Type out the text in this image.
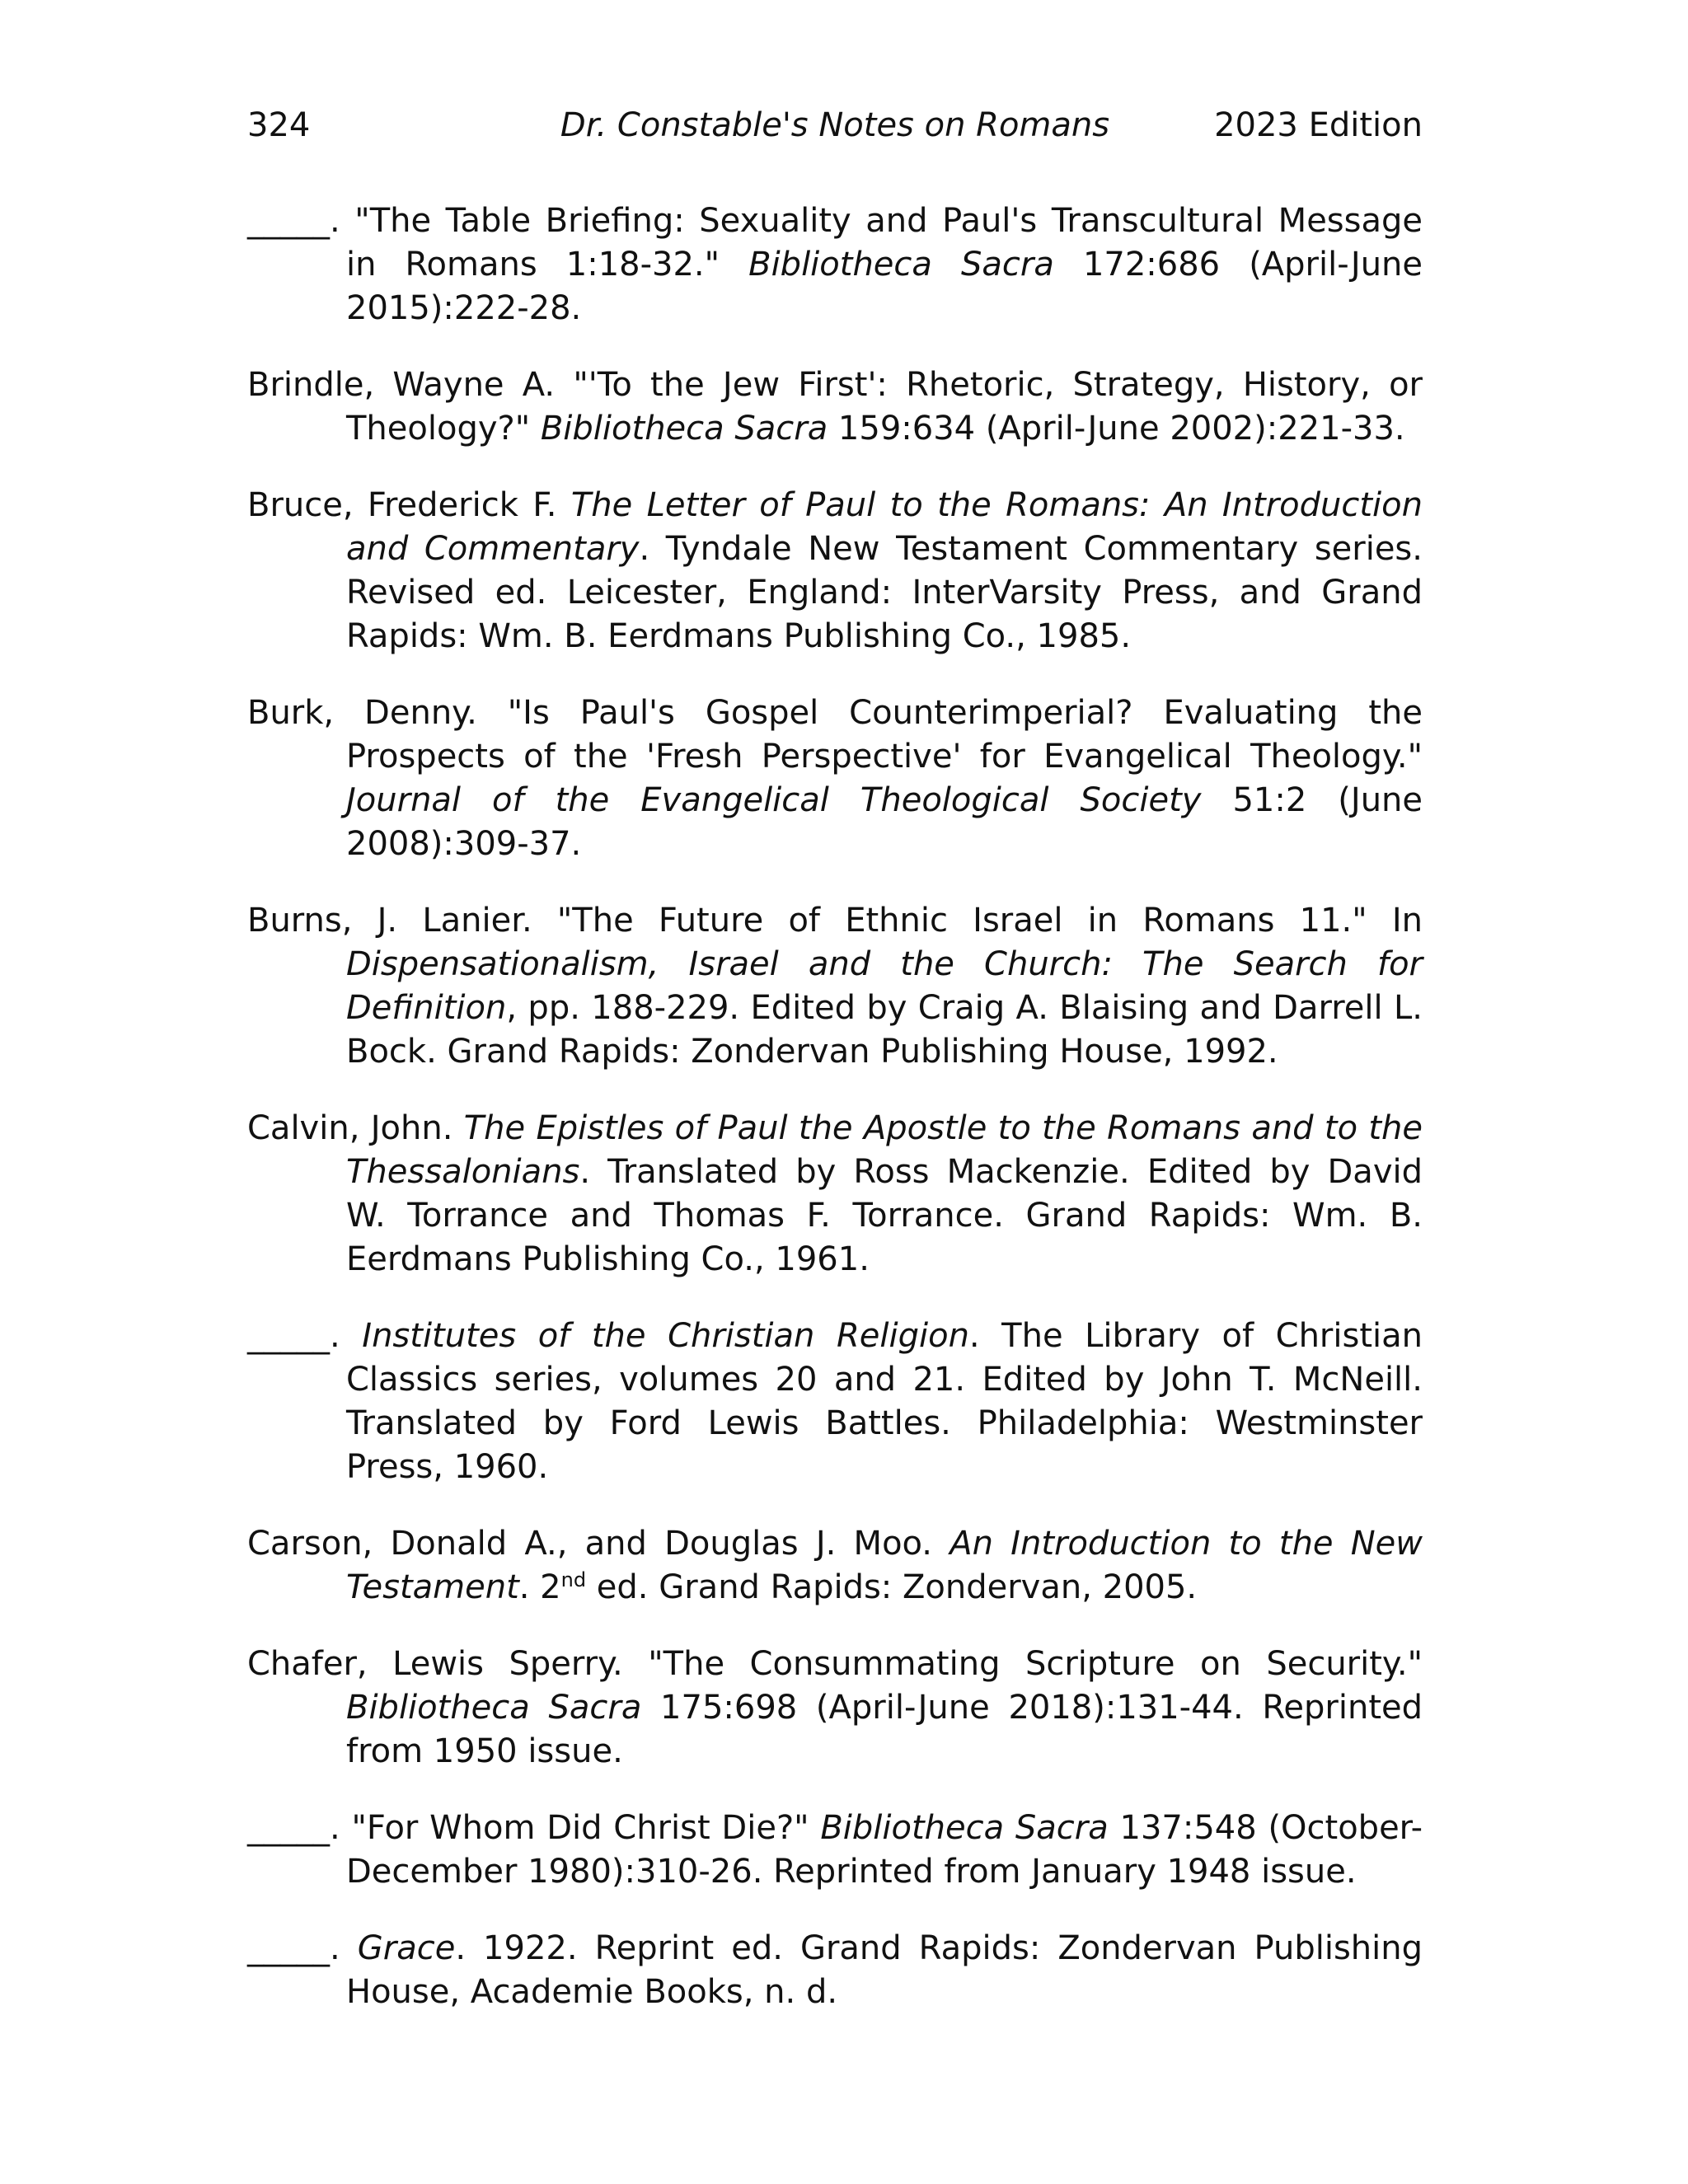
324	Dr. Constable's Notes on Romans	2023 Edition

_____. "The Table Briefing: Sexuality and Paul's Transcultural Message in Romans 1:18-32." Bibliotheca Sacra 172:686 (April-June 2015):222-28.

Brindle, Wayne A. "'To the Jew First': Rhetoric, Strategy, History, or Theology?" Bibliotheca Sacra 159:634 (April-June 2002):221-33.

Bruce, Frederick F. The Letter of Paul to the Romans: An Introduction and Commentary. Tyndale New Testament Commentary series. Revised ed. Leicester, England: InterVarsity Press, and Grand Rapids: Wm. B. Eerdmans Publishing Co., 1985.

Burk, Denny. "Is Paul's Gospel Counterimperial? Evaluating the Prospects of the 'Fresh Perspective' for Evangelical Theology." Journal of the Evangelical Theological Society 51:2 (June 2008):309-37.

Burns, J. Lanier. "The Future of Ethnic Israel in Romans 11." In Dispensationalism, Israel and the Church: The Search for Definition, pp. 188-229. Edited by Craig A. Blaising and Darrell L. Bock. Grand Rapids: Zondervan Publishing House, 1992.

Calvin, John. The Epistles of Paul the Apostle to the Romans and to the Thessalonians. Translated by Ross Mackenzie. Edited by David W. Torrance and Thomas F. Torrance. Grand Rapids: Wm. B. Eerdmans Publishing Co., 1961.

_____. Institutes of the Christian Religion. The Library of Christian Classics series, volumes 20 and 21. Edited by John T. McNeill. Translated by Ford Lewis Battles. Philadelphia: Westminster Press, 1960.

Carson, Donald A., and Douglas J. Moo. An Introduction to the New Testament. 2nd ed. Grand Rapids: Zondervan, 2005.

Chafer, Lewis Sperry. "The Consummating Scripture on Security." Bibliotheca Sacra 175:698 (April-June 2018):131-44. Reprinted from 1950 issue.

_____. "For Whom Did Christ Die?" Bibliotheca Sacra 137:548 (October-December 1980):310-26. Reprinted from January 1948 issue.

_____. Grace. 1922. Reprint ed. Grand Rapids: Zondervan Publishing House, Academie Books, n. d.
